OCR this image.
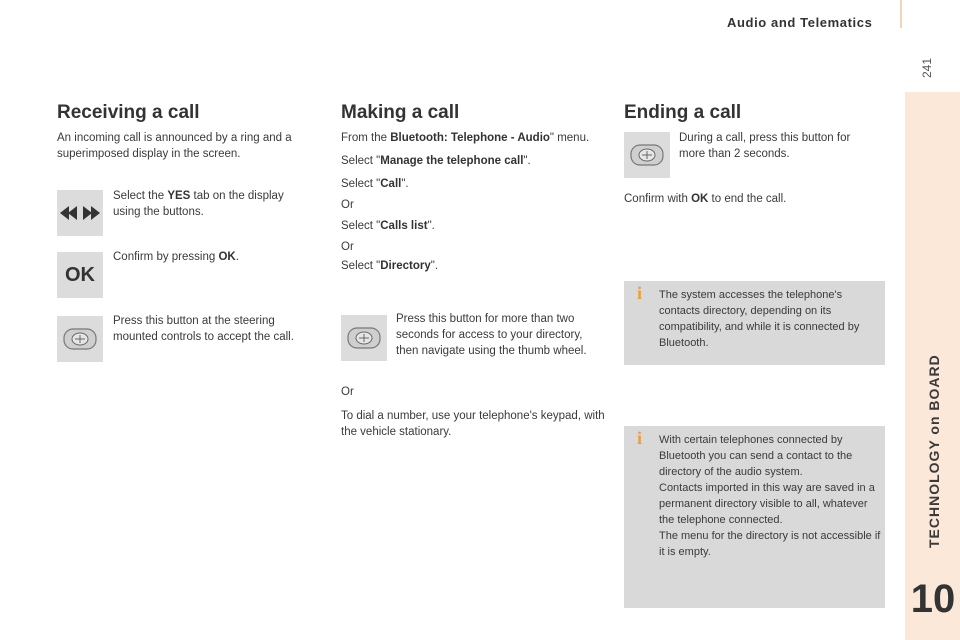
Audio and Telematics
241
TECHNOLOGY on BOARD
10
Receiving a call

An incoming call is announced by a ring and a superimposed display in the screen.

Select the YES tab on the display using the buttons.
OK
Confirm by pressing OK.

Press this button at the steering mounted controls to accept the call.

Making a call

From the Bluetooth: Telephone - Audio" menu.

Select "Manage the telephone call".

Select "Call".

Or

Select "Calls list".

Or

Select "Directory".

Press this button for more than two seconds for access to your directory, then navigate using the thumb wheel.

Or

To dial a number, use your telephone's keypad, with the vehicle stationary.

Ending a call

During a call, press this button for more than 2 seconds.

Confirm with OK to end the call.
i The system accesses the telephone's contacts directory, depending on its compatibility, and while it is connected by Bluetooth.

i With certain telephones connected by Bluetooth you can send a contact to the directory of the audio system.

Contacts imported in this way are saved in a permanent directory visible to all, whatever the telephone connected.

The menu for the directory is not accessible if it is empty.
